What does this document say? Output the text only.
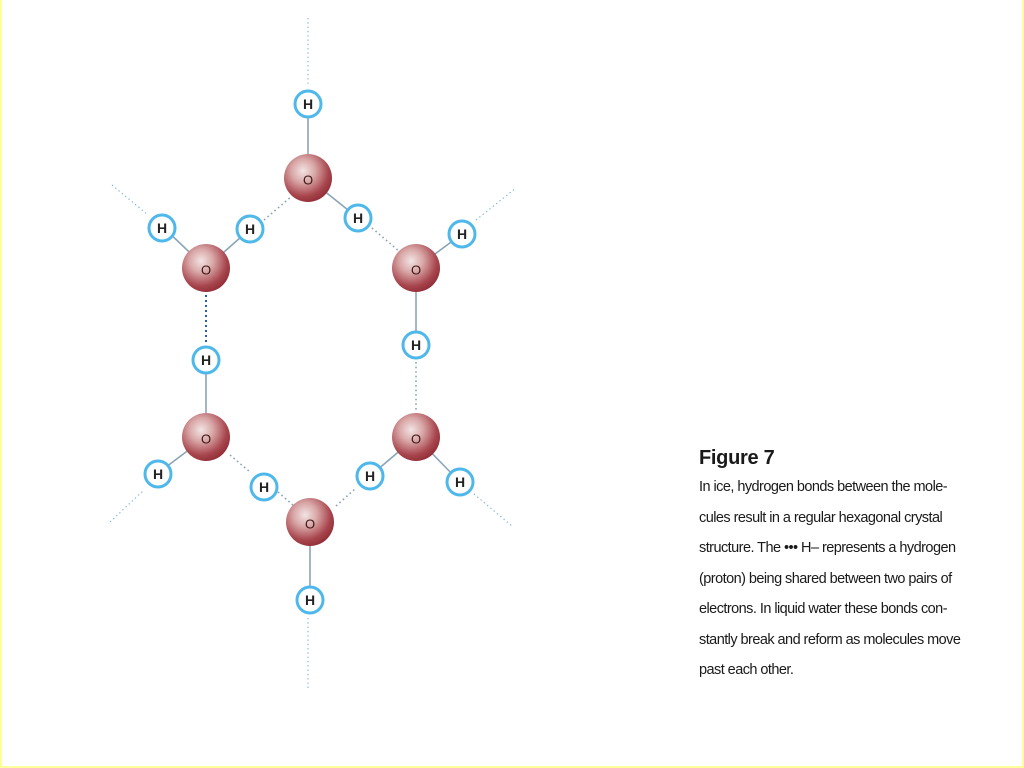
O
O
O
O
O
O
H
H
H
H
H
H
H
H
H
H
H	H
Figure 7
In ice, hydrogen bonds between the mole-
cules result in a regular hexagonal crystal
structure. The ••• H– represents a hydrogen
(proton) being shared between two pairs of
electrons. In liquid water these bonds con-
stantly break and reform as molecules move
past each other.
